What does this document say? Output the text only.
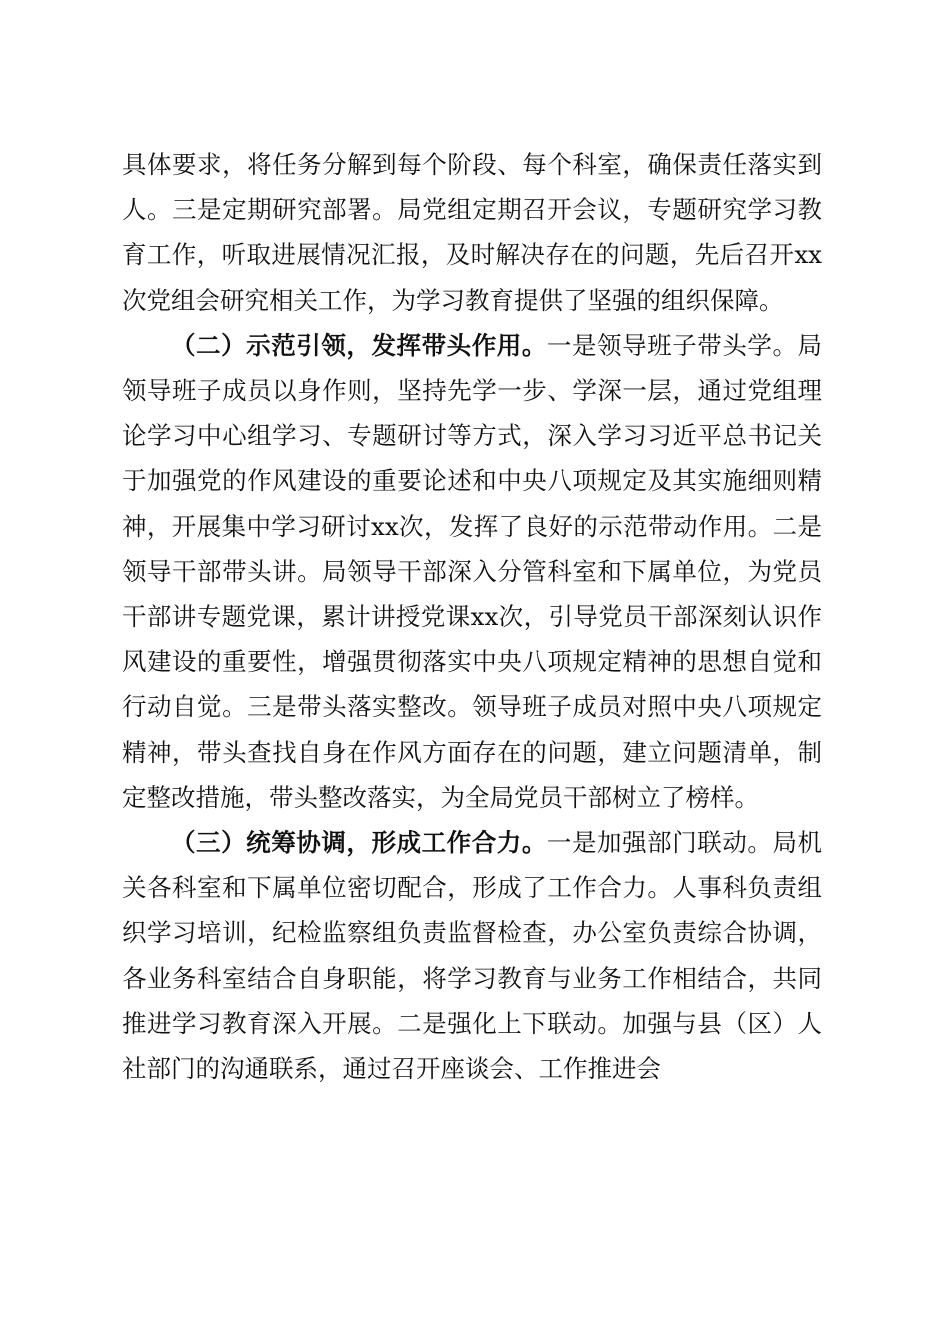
具体要求，将任务分解到每个阶段、每个科室，确保责任落实到人。三是定期研究部署。局党组定期召开会议，专题研究学习教育工作，听取进展情况汇报，及时解决存在的问题，先后召开xx次党组会研究相关工作，为学习教育提供了坚强的组织保障。

（二）示范引领，发挥带头作用。一是领导班子带头学。局领导班子成员以身作则，坚持先学一步、学深一层，通过党组理论学习中心组学习、专题研讨等方式，深入学习习近平总书记关于加强党的作风建设的重要论述和中央八项规定及其实施细则精神，开展集中学习研讨xx次，发挥了良好的示范带动作用。二是领导干部带头讲。局领导干部深入分管科室和下属单位，为党员干部讲专题党课，累计讲授党课xx次，引导党员干部深刻认识作风建设的重要性，增强贯彻落实中央八项规定精神的思想自觉和行动自觉。三是带头落实整改。领导班子成员对照中央八项规定精神，带头查找自身在作风方面存在的问题，建立问题清单，制定整改措施，带头整改落实，为全局党员干部树立了榜样。

（三）统筹协调，形成工作合力。一是加强部门联动。局机关各科室和下属单位密切配合，形成了工作合力。人事科负责组织学习培训，纪检监察组负责监督检查，办公室负责综合协调，各业务科室结合自身职能，将学习教育与业务工作相结合，共同推进学习教育深入开展。二是强化上下联动。加强与县（区）人社部门的沟通联系，通过召开座谈会、工作推进会
